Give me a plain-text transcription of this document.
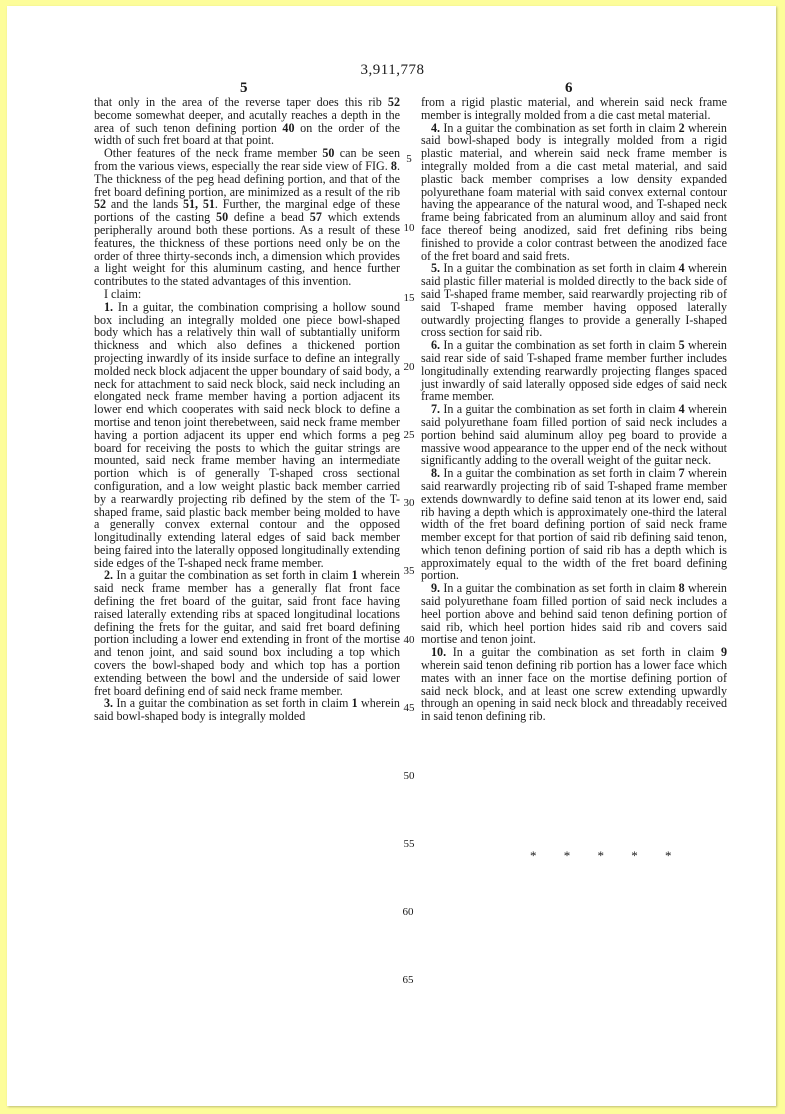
3,911,778
5	6

that only in the area of the reverse taper does this rib 52 become somewhat deeper, and acutally reaches a depth in the area of such tenon defining portion 40 on the order of the width of such fret board at that point.

Other features of the neck frame member 50 can be seen from the various views, especially the rear side view of FIG. 8. The thickness of the peg head defining portion, and that of the fret board defining portion, are minimized as a result of the rib 52 and the lands 51, 51. Further, the marginal edge of these portions of the casting 50 define a bead 57 which extends peripherally around both these portions. As a result of these features, the thickness of these portions need only be on the order of three thirty-seconds inch, a dimension which provides a light weight for this aluminum casting, and hence further contributes to the stated advantages of this invention.

I claim:

1. In a guitar, the combination comprising a hollow sound box including an integrally molded one piece bowl-shaped body which has a relatively thin wall of subtantially uniform thickness and which also defines a thickened portion projecting inwardly of its inside surface to define an integrally molded neck block adjacent the upper boundary of said body, a neck for attachment to said neck block, said neck including an elongated neck frame member having a portion adjacent its lower end which cooperates with said neck block to define a mortise and tenon joint therebetween, said neck frame member having a portion adjacent its upper end which forms a peg board for receiving the posts to which the guitar strings are mounted, said neck frame member having an intermediate portion which is of generally T-shaped cross sectional configuration, and a low weight plastic back member carried by a rearwardly projecting rib defined by the stem of the T-shaped frame, said plastic back member being molded to have a generally convex external contour and the opposed longitudinally extending lateral edges of said back member being faired into the laterally opposed longitudinally extending side edges of the T-shaped neck frame member.

2. In a guitar the combination as set forth in claim 1 wherein said neck frame member has a generally flat front face defining the fret board of the guitar, said front face having raised laterally extending ribs at spaced longitudinal locations defining the frets for the guitar, and said fret board defining portion including a lower end extending in front of the mortise and tenon joint, and said sound box including a top which covers the bowl-shaped body and which top has a portion extending between the bowl and the underside of said lower fret board defining end of said neck frame member.

3. In a guitar the combination as set forth in claim 1 wherein said bowl-shaped body is integrally molded

from a rigid plastic material, and wherein said neck frame member is integrally molded from a die cast metal material.

4. In a guitar the combination as set forth in claim 2 wherein said bowl-shaped body is integrally molded from a rigid plastic material, and wherein said neck frame member is integrally molded from a die cast metal material, and said plastic back member comprises a low density expanded polyurethane foam material with said convex external contour having the appearance of the natural wood, and T-shaped neck frame being fabricated from an aluminum alloy and said front face thereof being anodized, said fret defining ribs being finished to provide a color contrast between the anodized face of the fret board and said frets.

5. In a guitar the combination as set forth in claim 4 wherein said plastic filler material is molded directly to the back side of said T-shaped frame member, said rearwardly projecting rib of said T-shaped frame member having opposed laterally outwardly projecting flanges to provide a generally I-shaped cross section for said rib.

6. In a guitar the combination as set forth in claim 5 wherein said rear side of said T-shaped frame member further includes longitudinally extending rearwardly projecting flanges spaced just inwardly of said laterally opposed side edges of said neck frame member.

7. In a guitar the combination as set forth in claim 4 wherein said polyurethane foam filled portion of said neck includes a portion behind said aluminum alloy peg board to provide a massive wood appearance to the upper end of the neck without significantly adding to the overall weight of the guitar neck.

8. In a guitar the combination as set forth in claim 7 wherein said rearwardly projecting rib of said T-shaped frame member extends downwardly to define said tenon at its lower end, said rib having a depth which is approximately one-third the lateral width of the fret board defining portion of said neck frame member except for that portion of said rib defining said tenon, which tenon defining portion of said rib has a depth which is approximately equal to the width of the fret board defining portion.

9. In a guitar the combination as set forth in claim 8 wherein said polyurethane foam filled portion of said neck includes a heel portion above and behind said tenon defining portion of said rib, which heel portion hides said rib and covers said mortise and tenon joint.

10. In a guitar the combination as set forth in claim 9 wherein said tenon defining rib portion has a lower face which mates with an inner face on the mortise defining portion of said neck block, and at least one screw extending upwardly through an opening in said neck block and threadably received in said tenon defining rib.

5
10
15
20
25
30
35
40
45
50
55
60
65
* * * * *
